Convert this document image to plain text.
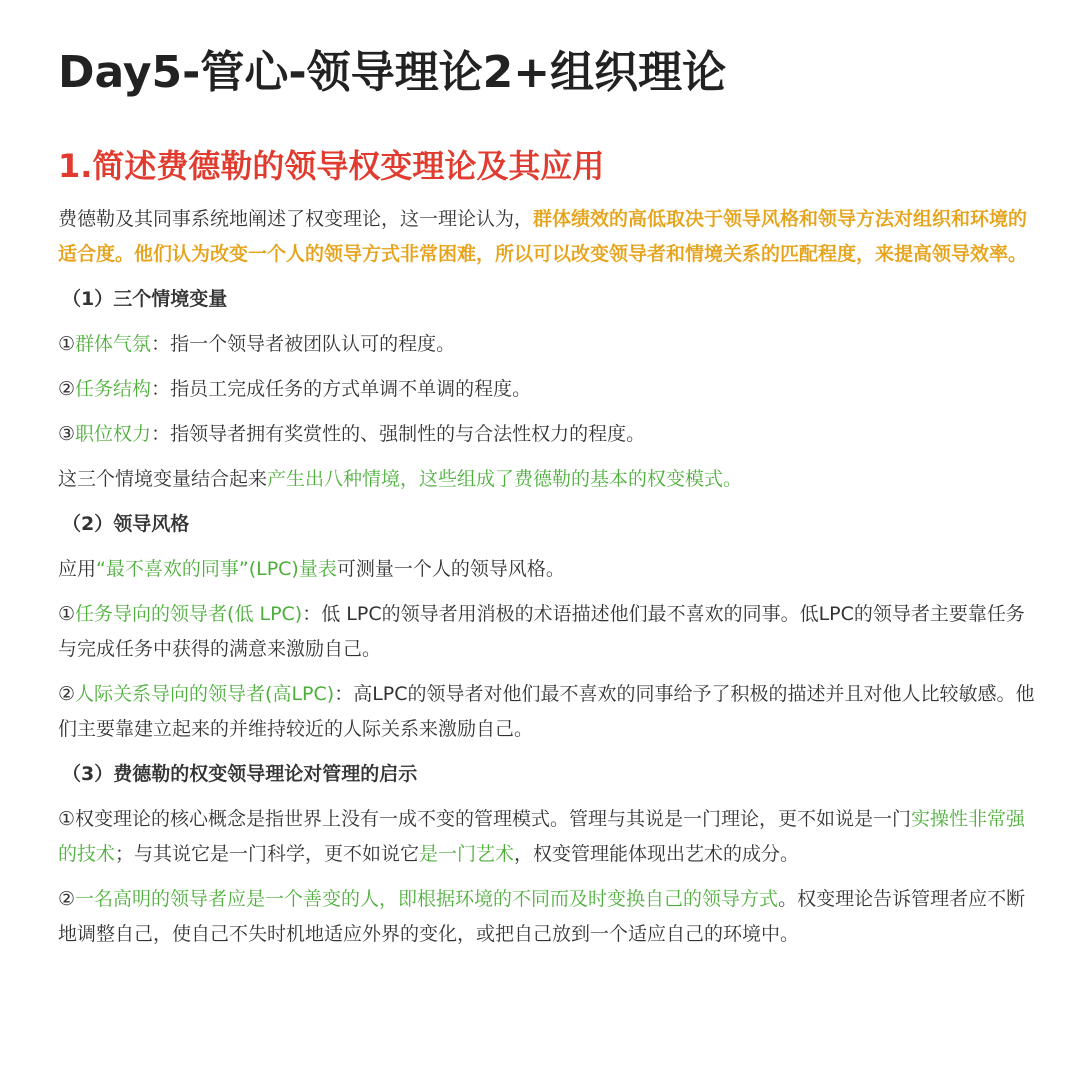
Day5-管心-领导理论2+组织理论
1.简述费德勒的领导权变理论及其应用

费德勒及其同事系统地阐述了权变理论，这一理论认为，群体绩效的高低取决于领导风格和领导方法对组织和环境的适合度。他们认为改变一个人的领导方式非常困难，所以可以改变领导者和情境关系的匹配程度，来提高领导效率。

（1）三个情境变量

①群体气氛：指一个领导者被团队认可的程度。

②任务结构：指员工完成任务的方式单调不单调的程度。

③职位权力：指领导者拥有奖赏性的、强制性的与合法性权力的程度。

这三个情境变量结合起来产生出八种情境，这些组成了费德勒的基本的权变模式。

（2）领导风格

应用“最不喜欢的同事”(LPC)量表可测量一个人的领导风格。

①任务导向的领导者(低 LPC)：低 LPC的领导者用消极的术语描述他们最不喜欢的同事。低LPC的领导者主要靠任务与完成任务中获得的满意来激励自己。

②人际关系导向的领导者(高LPC)：高LPC的领导者对他们最不喜欢的同事给予了积极的描述并且对他人比较敏感。他们主要靠建立起来的并维持较近的人际关系来激励自己。

（3）费德勒的权变领导理论对管理的启示

①权变理论的核心概念是指世界上没有一成不变的管理模式。管理与其说是一门理论，更不如说是一门实操性非常强的技术；与其说它是一门科学，更不如说它是一门艺术，权变管理能体现出艺术的成分。

②一名高明的领导者应是一个善变的人，即根据环境的不同而及时变换自己的领导方式。权变理论告诉管理者应不断地调整自己，使自己不失时机地适应外界的变化，或把自己放到一个适应自己的环境中。
